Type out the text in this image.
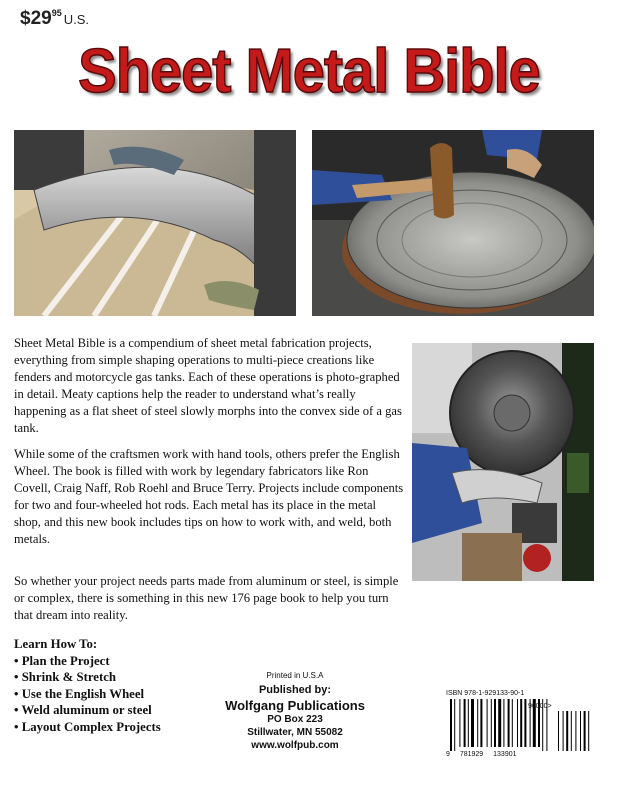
$\$29^{95}$ U.S.
Sheet Metal Bible

Sheet Metal Bible is a compendium of sheet metal fabrication projects, everything from simple shaping operations to multi-piece creations like fenders and motorcycle gas tanks. Each of these operations is photo-graphed in detail. Meaty captions help the reader to understand what’s really happening as a flat sheet of steel slowly morphs into the convex side of a gas tank.

While some of the craftsmen work with hand tools, others prefer the English Wheel. The book is filled with work by legendary fabricators like Ron Covell, Craig Naff, Rob Roehl and Bruce Terry. Projects include components for two and four-wheeled hot rods. Each metal has its place in the metal shop, and this new book includes tips on how to work with, and weld, both metals.

So whether your project needs parts made from aluminum or steel, is simple or complex, there is something in this new 176 page book to help you turn that dream into reality.

Learn How To:
• Plan the Project
• Shrink & Stretch
• Use the English Wheel
• Weld aluminum or steel
• Layout Complex Projects
Printed in U.S.A
Published by:
Wolfgang Publications
PO Box 223
Stillwater, MN 55082
www.wolfpub.com
ISBN 978-1-929133-90-1
90000>
9 781929 133901
